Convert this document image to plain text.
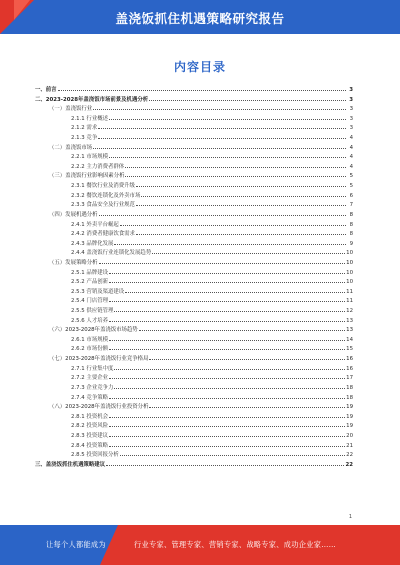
盖浇饭抓住机遇策略研究报告
内容目录
一、前言	3
二、2023-2028年盖浇饭市场前景及机遇分析	3
（一）盖浇饭行业	3
2.1.1 行业概述	3
2.1.2 需求	3
2.1.3 竞争	4
（二）盖浇饭市场	4
2.2.1 市场规模	4
2.2.2 主力消费者群体	4
（三）盖浇饭行业影响因素分析	5
2.3.1 餐饮行业及消费升级	5
2.3.2 餐饮连锁化及外卖市场	6
2.3.3 食品安全及行业规范	7
（四）发展机遇分析	8
2.4.1 外卖平台崛起	8
2.4.2 消费者健康饮食需求	8
2.4.3 品牌化发展	9
2.4.4 盖浇饭行业连锁化发展趋势	10
（五）发展策略分析	10
2.5.1 品牌建设	10
2.5.2 产品创新	10
2.5.3 营销及渠道建设	11
2.5.4 门店管理	11
2.5.5 供应链管理	12
2.5.6 人才培养	13
（六）2023-2028年盖浇饭市场趋势	13
2.6.1 市场规模	14
2.6.2 市场份额	15
（七）2023-2028年盖浇饭行业竞争格局	16
2.7.1 行业集中度	16
2.7.2 主要企业	17
2.7.3 企业竞争力	18
2.7.4 竞争策略	18
（八）2023-2028年盖浇饭行业投资分析	19
2.8.1 投资机会	19
2.8.2 投资风险	19
2.8.3 投资建议	20
2.8.4 投资策略	21
2.8.5 投资回报分析	22
三、盖浇饭抓住机遇策略建议	22
1
让每个人都能成为	行业专家、管理专家、营销专家、战略专家、成功企业家……
